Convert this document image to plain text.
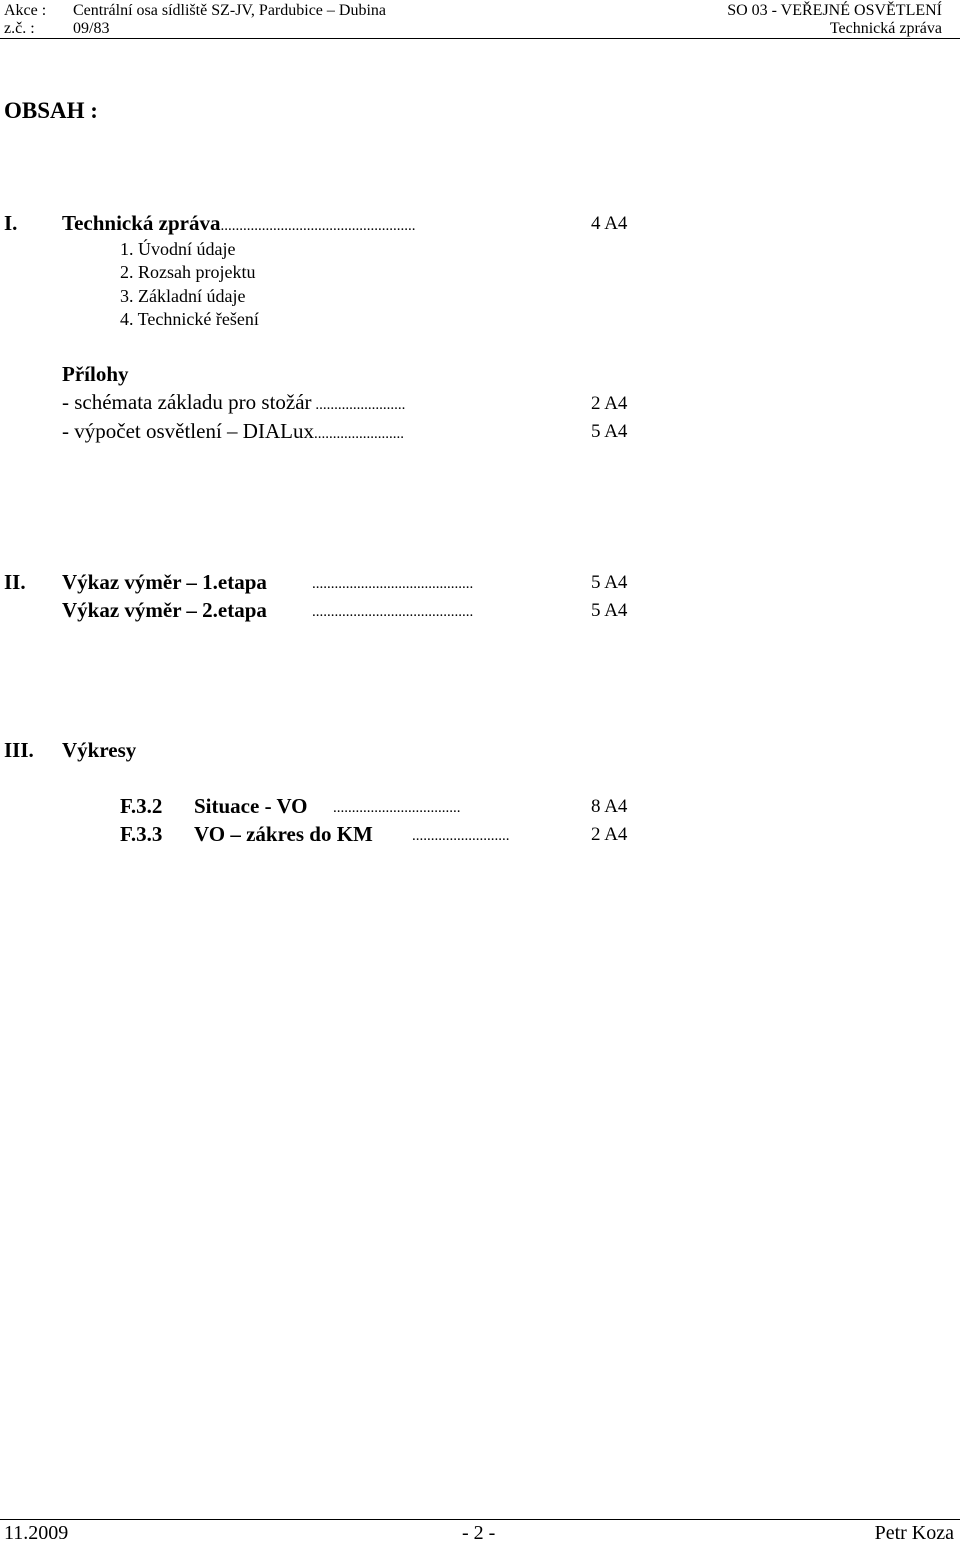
Akce : Centrální osa sídliště SZ-JV, Pardubice – Dubina	SO 03 - VEŘEJNÉ OSVĚTLENÍ
z.č. : 09/83	Technická zpráva
OBSAH :
I. Technická zpráva....................................................	4 A4
1. Úvodní údaje
2. Rozsah projektu
3. Základní údaje
4. Technické řešení
Přílohy
- schémata základu pro stožár ........................	2 A4
- výpočet osvětlení – DIALux........................	5 A4
II. Výkaz výměr – 1.etapa	...........................................	5 A4
Výkaz výměr – 2.etapa	...........................................	5 A4
III. Výkresy
F.3.2 Situace - VO ..................................	8 A4
F.3.3 VO – zákres do KM	..........................	2 A4
11.2009	- 2 -	Petr Koza
